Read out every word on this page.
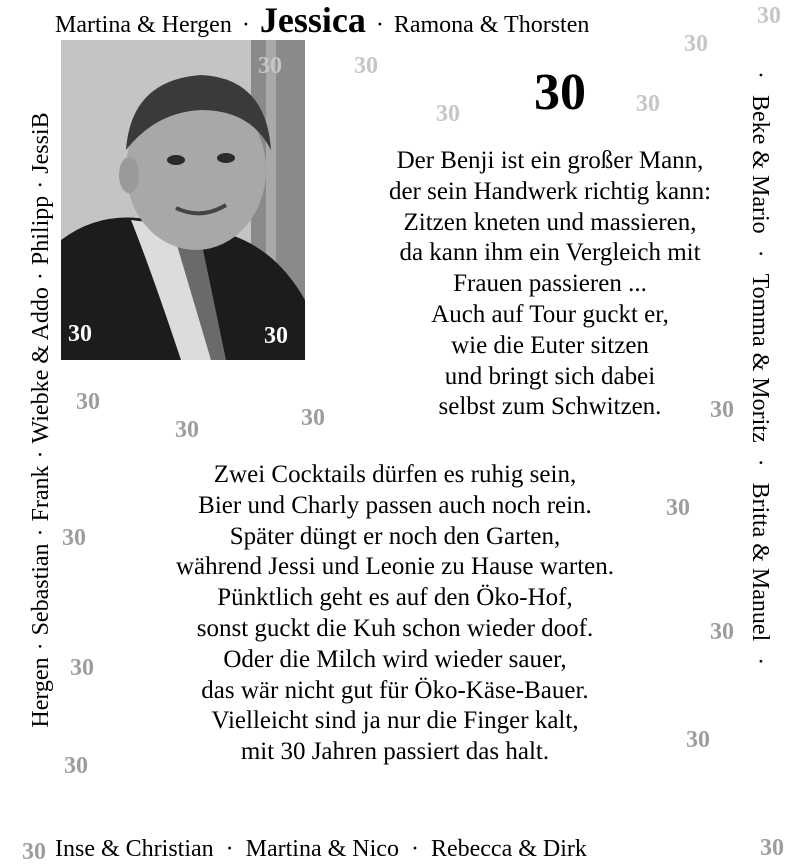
Martina & Hergen · Jessica · Ramona & Thorsten
Hergen·Sebastian·Frank·Wiebke & Addo·Philipp·JessiB
·Beke & Mario·Tomma & Moritz·Britta & Manuel·
Inse & Christian · Martina & Nico · Rebecca & Dirk
30
Der Benji ist ein großer Mann,
der sein Handwerk richtig kann:
Zitzen kneten und massieren,
da kann ihm ein Vergleich mit
Frauen passieren ...
Auch auf Tour guckt er,
wie die Euter sitzen
und bringt sich dabei
selbst zum Schwitzen.
Zwei Cocktails dürfen es ruhig sein,
Bier und Charly passen auch noch rein.
Später düngt er noch den Garten,
während Jessi und Leonie zu Hause warten.
Pünktlich geht es auf den Öko-Hof,
sonst guckt die Kuh schon wieder doof.
Oder die Milch wird wieder sauer,
das wär nicht gut für Öko-Käse-Bauer.
Vielleicht sind ja nur die Finger kalt,
mit 30 Jahren passiert das halt.
30
30
30
30
30	30
30	30
30
30	30	30
30
30
30
30
30
30
30	30
